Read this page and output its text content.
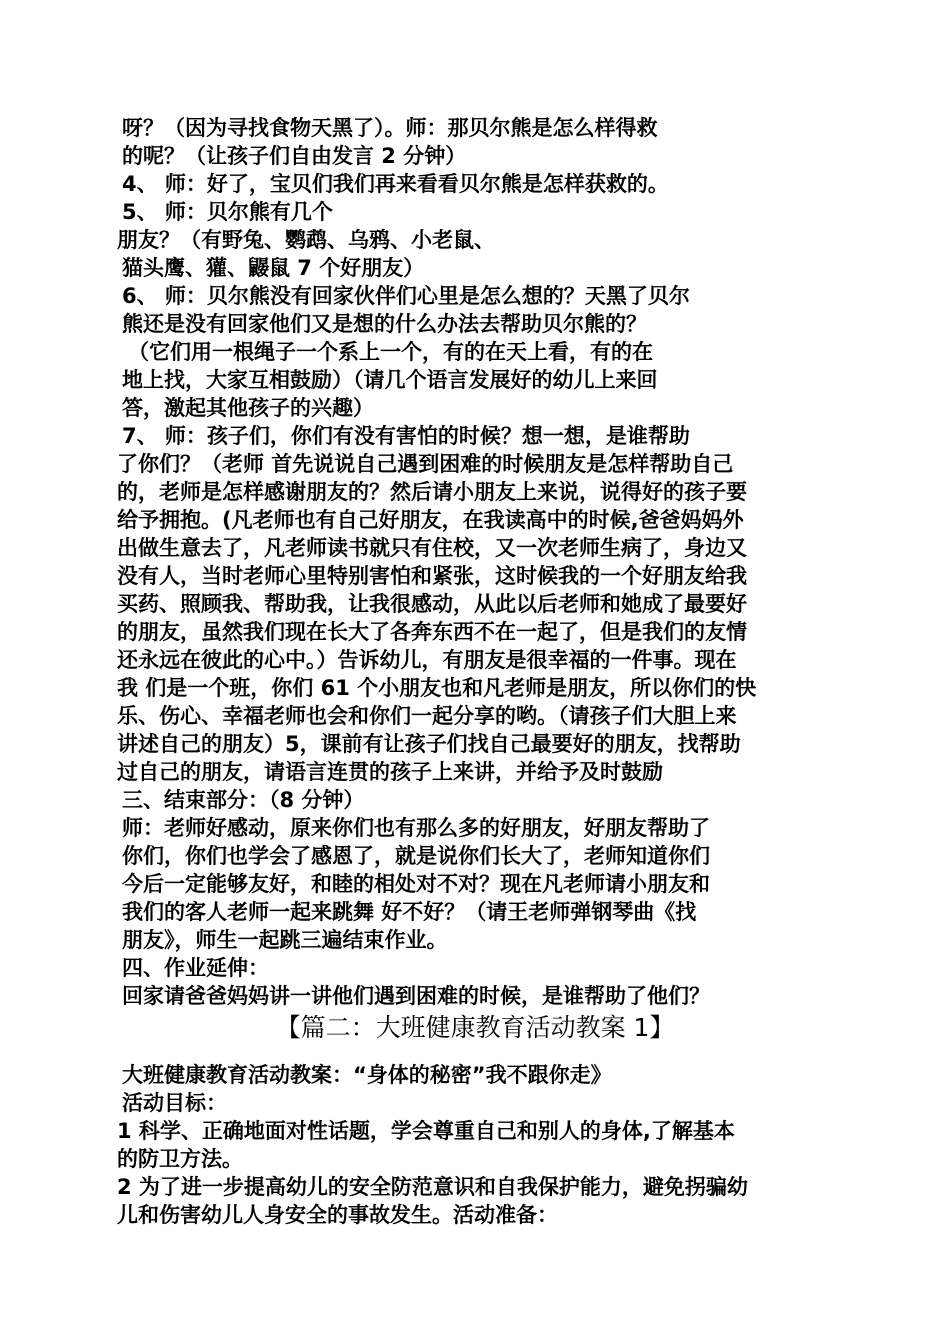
呀？（因为寻找食物天黑了）。师：那贝尔熊是怎么样得救
的呢？（让孩子们自由发言 2 分钟）
4、 师：好了，宝贝们我们再来看看贝尔熊是怎样获救的。
5、 师：贝尔熊有几个
朋友？（有野兔、鹦鹉、乌鸦、小老鼠、
猫头鹰、獾、鼹鼠 7 个好朋友）
6、 师：贝尔熊没有回家伙伴们心里是怎么想的？天黑了贝尔
熊还是没有回家他们又是想的什么办法去帮助贝尔熊的？
（它们用一根绳子一个系上一个，有的在天上看，有的在
地上找，大家互相鼓励）（请几个语言发展好的幼儿上来回
答，激起其他孩子的兴趣）
7、 师：孩子们，你们有没有害怕的时候？想一想，是谁帮助
了你们？（老师 首先说说自己遇到困难的时候朋友是怎样帮助自己
的，老师是怎样感谢朋友的？然后请小朋友上来说，说得好的孩子要
给予拥抱。(凡老师也有自己好朋友，在我读高中的时候,爸爸妈妈外
出做生意去了，凡老师读书就只有住校，又一次老师生病了，身边又
没有人，当时老师心里特别害怕和紧张，这时候我的一个好朋友给我
买药、照顾我、帮助我，让我很感动，从此以后老师和她成了最要好
的朋友，虽然我们现在长大了各奔东西不在一起了，但是我们的友情
还永远在彼此的心中。）告诉幼儿，有朋友是很幸福的一件事。现在
我 们是一个班，你们 61 个小朋友也和凡老师是朋友，所以你们的快
乐、伤心、幸福老师也会和你们一起分享的哟。（请孩子们大胆上来
讲述自己的朋友）5，课前有让孩子们找自己最要好的朋友，找帮助
过自己的朋友，请语言连贯的孩子上来讲，并给予及时鼓励
三、结束部分：（8 分钟）
师：老师好感动，原来你们也有那么多的好朋友，好朋友帮助了
你们，你们也学会了感恩了，就是说你们长大了，老师知道你们
今后一定能够友好，和睦的相处对不对？现在凡老师请小朋友和
我们的客人老师一起来跳舞 好不好？（请王老师弹钢琴曲《找
朋友》，师生一起跳三遍结束作业。
四、作业延伸：
回家请爸爸妈妈讲一讲他们遇到困难的时候，是谁帮助了他们？
【篇二：大班健康教育活动教案 1】
大班健康教育活动教案：“身体的秘密”我不跟你走》
活动目标：
1 科学、正确地面对性话题，学会尊重自己和别人的身体,了解基本
的防卫方法。
2 为了进一步提高幼儿的安全防范意识和自我保护能力，避免拐骗幼
儿和伤害幼儿人身安全的事故发生。活动准备：
